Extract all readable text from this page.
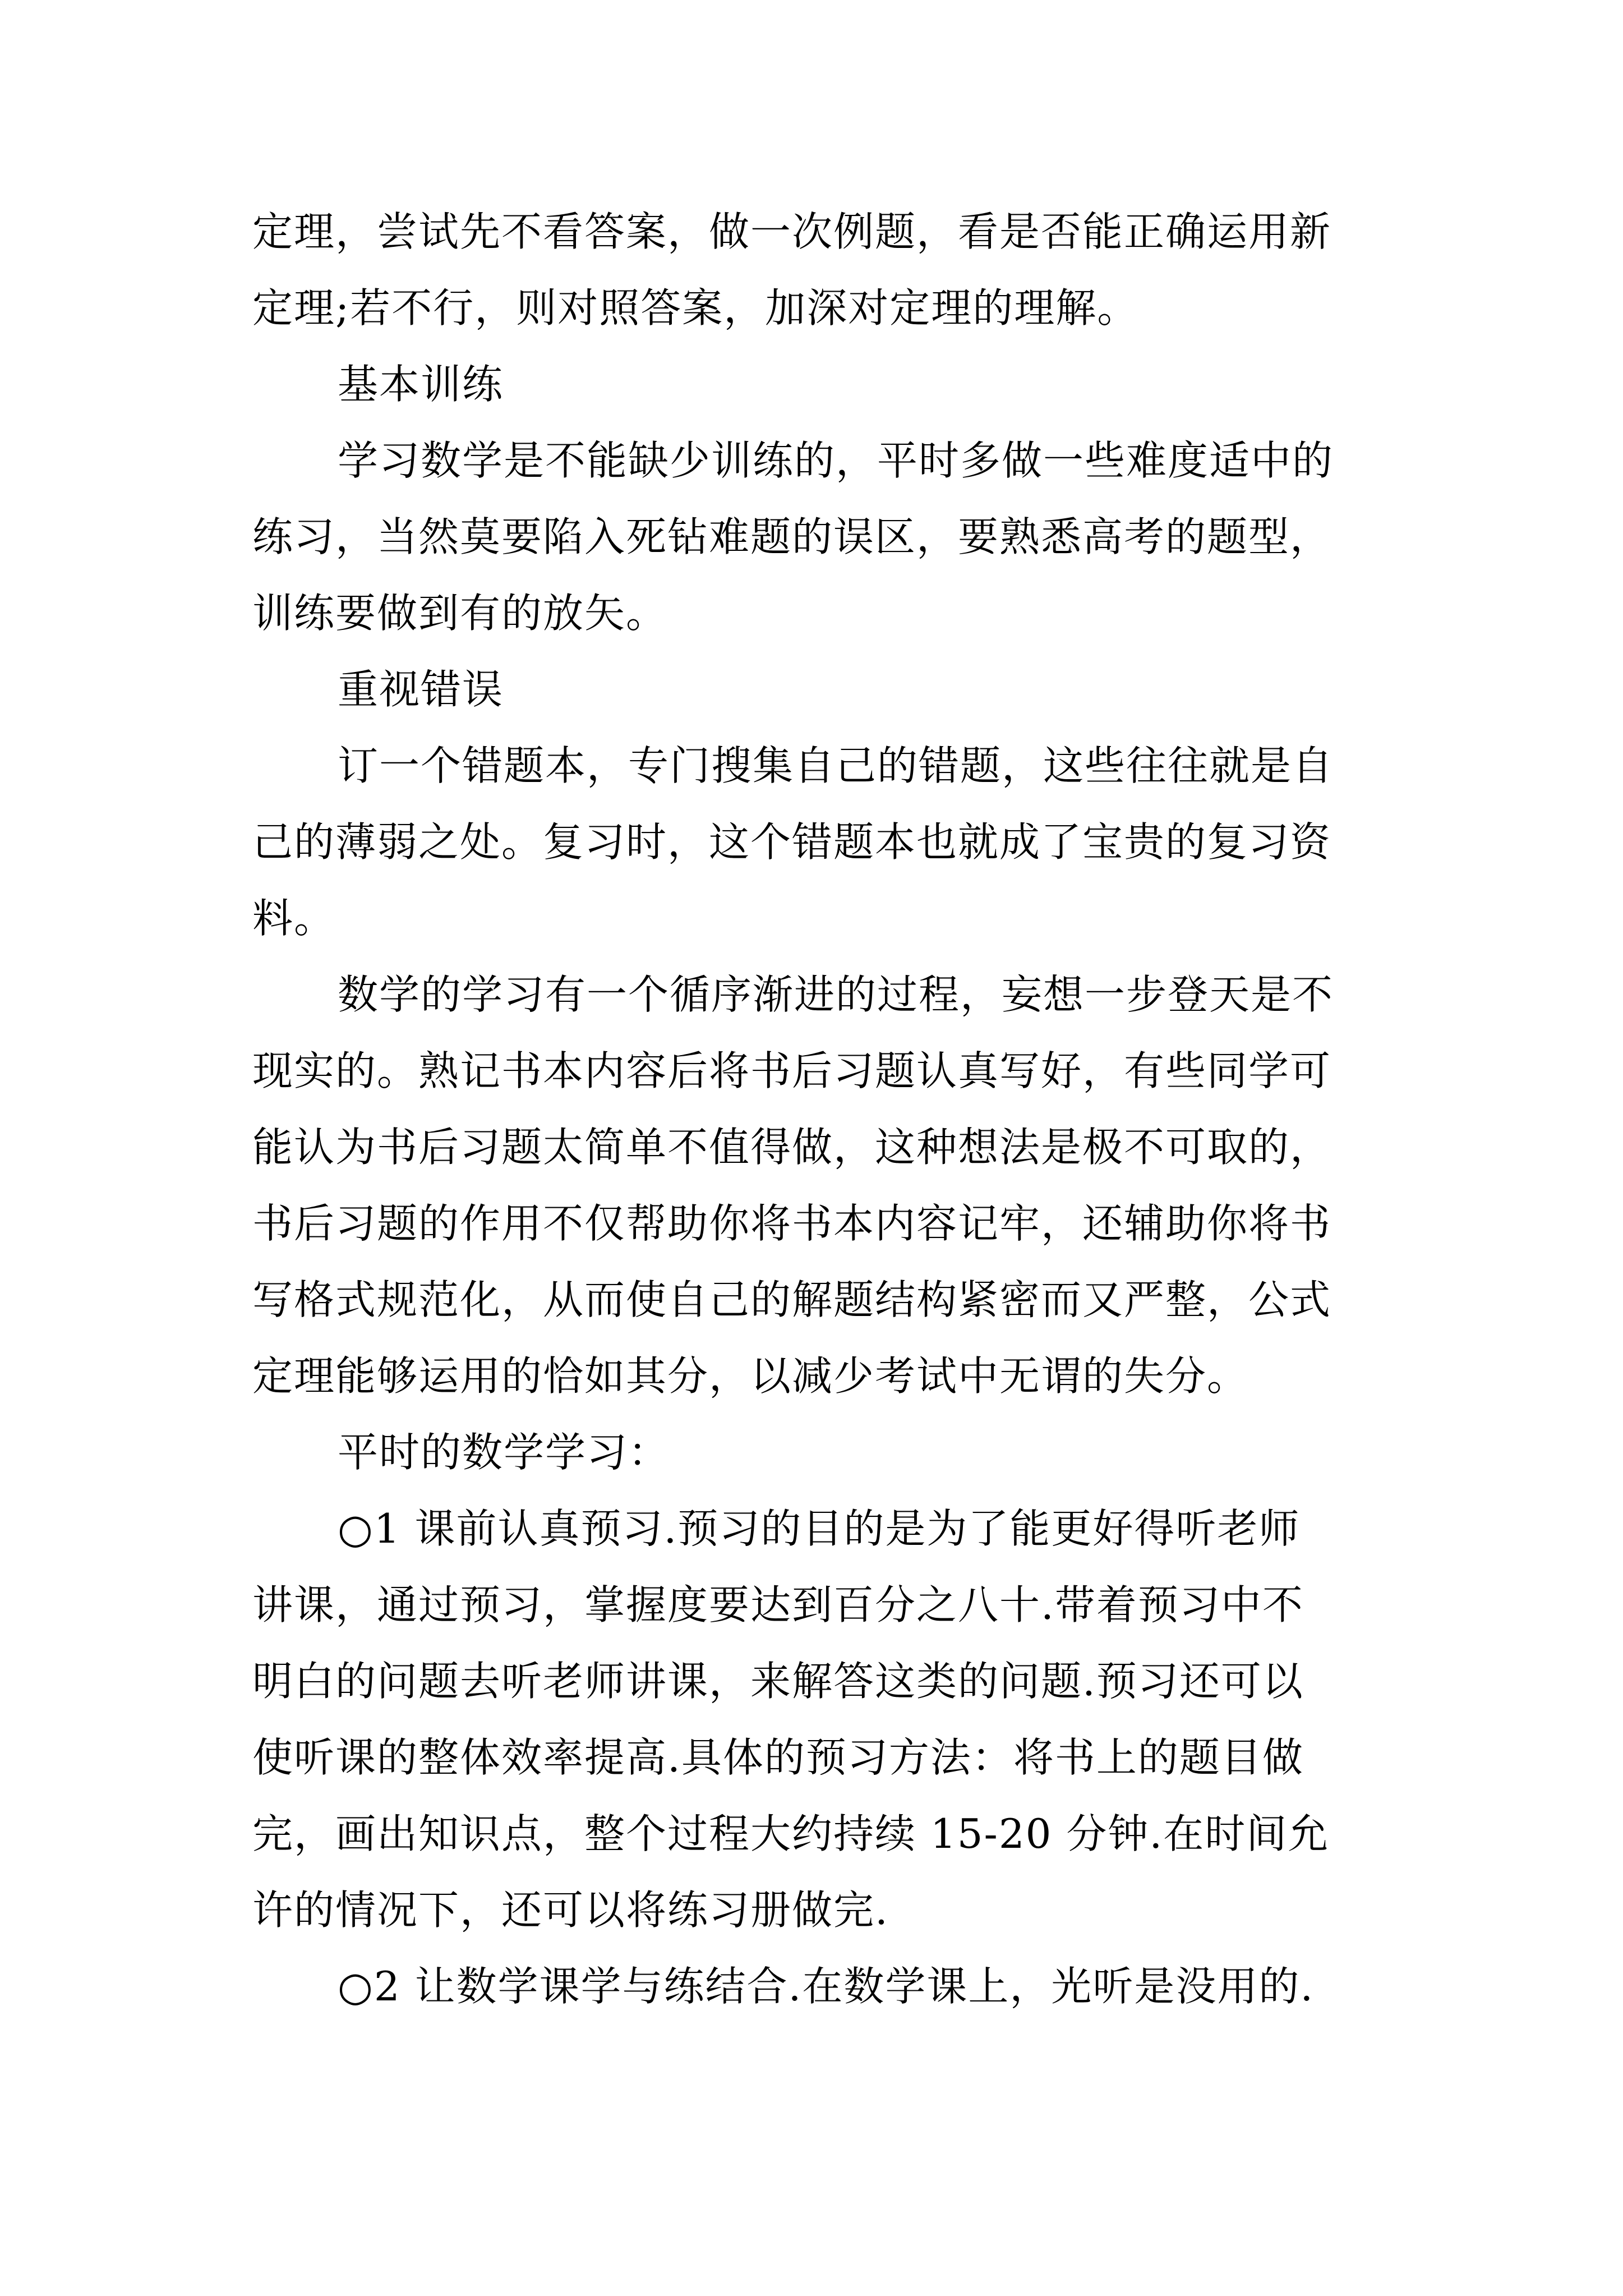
定理，尝试先不看答案，做一次例题，看是否能正确运用新
定理;若不行，则对照答案，加深对定理的理解。
基本训练
学习数学是不能缺少训练的，平时多做一些难度适中的
练习，当然莫要陷入死钻难题的误区，要熟悉高考的题型，
训练要做到有的放矢。
重视错误
订一个错题本，专门搜集自己的错题，这些往往就是自
己的薄弱之处。复习时，这个错题本也就成了宝贵的复习资
料。
数学的学习有一个循序渐进的过程，妄想一步登天是不
现实的。熟记书本内容后将书后习题认真写好，有些同学可
能认为书后习题太简单不值得做，这种想法是极不可取的，
书后习题的作用不仅帮助你将书本内容记牢，还辅助你将书
写格式规范化，从而使自己的解题结构紧密而又严整，公式
定理能够运用的恰如其分，以减少考试中无谓的失分。
平时的数学学习：
○1 课前认真预习.预习的目的是为了能更好得听老师
讲课，通过预习，掌握度要达到百分之八十.带着预习中不
明白的问题去听老师讲课，来解答这类的问题.预习还可以
使听课的整体效率提高.具体的预习方法：将书上的题目做
完，画出知识点，整个过程大约持续 15-20 分钟.在时间允
许的情况下，还可以将练习册做完.
○2 让数学课学与练结合.在数学课上，光听是没用的.
